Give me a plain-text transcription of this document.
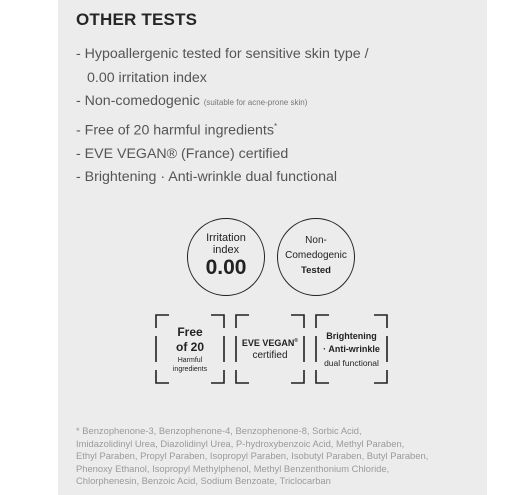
OTHER TESTS
- Hypoallergenic tested for sensitive skin type /
0.00 irritation index
- Non-comedogenic (suitable for acne-prone skin)
- Free of 20 harmful ingredients*
- EVE VEGAN® (France) certified
- Brightening · Anti-wrinkle dual functional
Irritation
index
0.00
Non-
Comedogenic
Tested
Free
of 20
Harmful
ingredients
EVE VEGAN®
certified
Brightening
· Anti-wrinkle
dual functional
* Benzophenone-3, Benzophenone-4, Benzophenone-8, Sorbic Acid,
Imidazolidinyl Urea, Diazolidinyl Urea, P-hydroxybenzoic Acid, Methyl Paraben,
Ethyl Paraben, Propyl Paraben, Isopropyl Paraben, Isobutyl Paraben, Butyl Paraben,
Phenoxy Ethanol, Isopropyl Methylphenol, Methyl Benzenthonium Chloride,
Chlorphenesin, Benzoic Acid, Sodium Benzoate, Triclocarban
